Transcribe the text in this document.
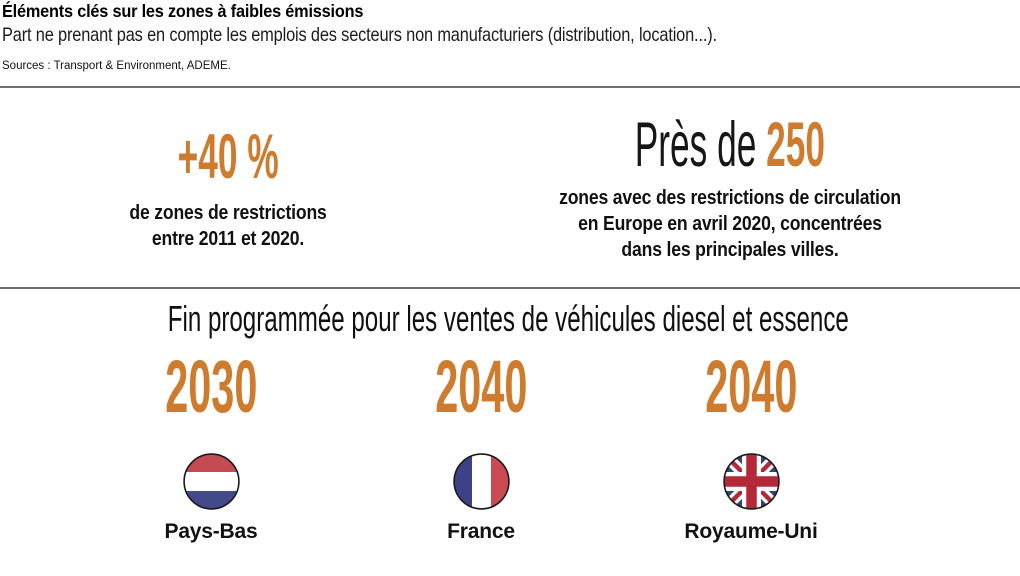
Éléments clés sur les zones à faibles émissions

Part ne prenant pas en compte les emplois des secteurs non manufacturiers (distribution, location...).

Sources : Transport & Environment, ADEME.

+40 %

de zones de restrictions

entre 2011 et 2020.

Près de 250

zones avec des restrictions de circulation

en Europe en avril 2020, concentrées

dans les principales villes.

Fin programmée pour les ventes de véhicules diesel et essence
2030
Pays-Bas
2040
France
2040
Royaume-Uni
